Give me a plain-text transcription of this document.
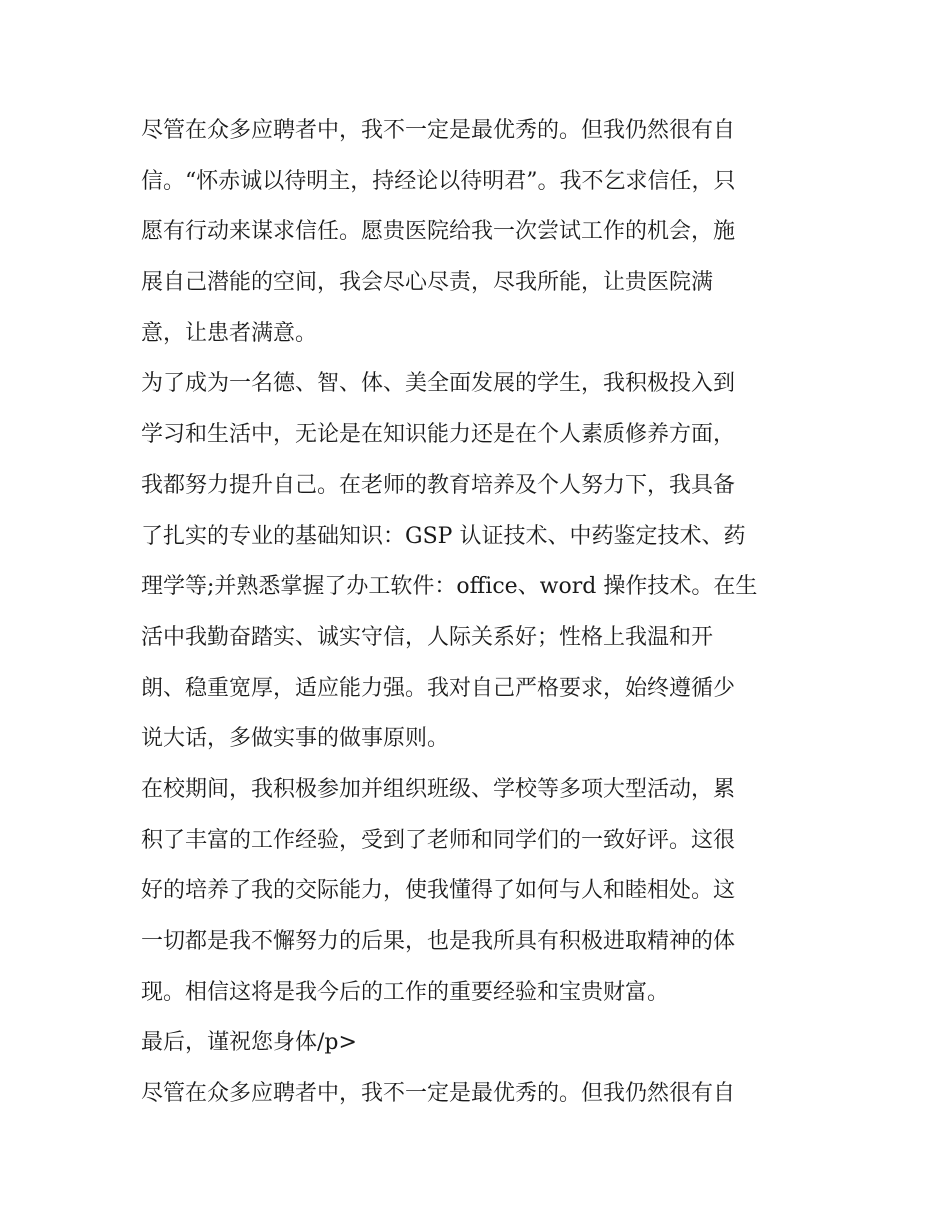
尽管在众多应聘者中，我不一定是最优秀的。但我仍然很有自
信。“怀赤诚以待明主，持经论以待明君”。我不乞求信任，只
愿有行动来谋求信任。愿贵医院给我一次尝试工作的机会，施
展自己潜能的空间，我会尽心尽责，尽我所能，让贵医院满
意，让患者满意。
为了成为一名德、智、体、美全面发展的学生，我积极投入到
学习和生活中，无论是在知识能力还是在个人素质修养方面，
我都努力提升自己。在老师的教育培养及个人努力下，我具备
了扎实的专业的基础知识：GSP 认证技术、中药鉴定技术、药
理学等;并熟悉掌握了办工软件：office、word 操作技术。在生
活中我勤奋踏实、诚实守信，人际关系好；性格上我温和开
朗、稳重宽厚，适应能力强。我对自己严格要求，始终遵循少
说大话，多做实事的做事原则。
在校期间，我积极参加并组织班级、学校等多项大型活动，累
积了丰富的工作经验，受到了老师和同学们的一致好评。这很
好的培养了我的交际能力，使我懂得了如何与人和睦相处。这
一切都是我不懈努力的后果，也是我所具有积极进取精神的体
现。相信这将是我今后的工作的重要经验和宝贵财富。
最后，谨祝您身体/p>
尽管在众多应聘者中，我不一定是最优秀的。但我仍然很有自
